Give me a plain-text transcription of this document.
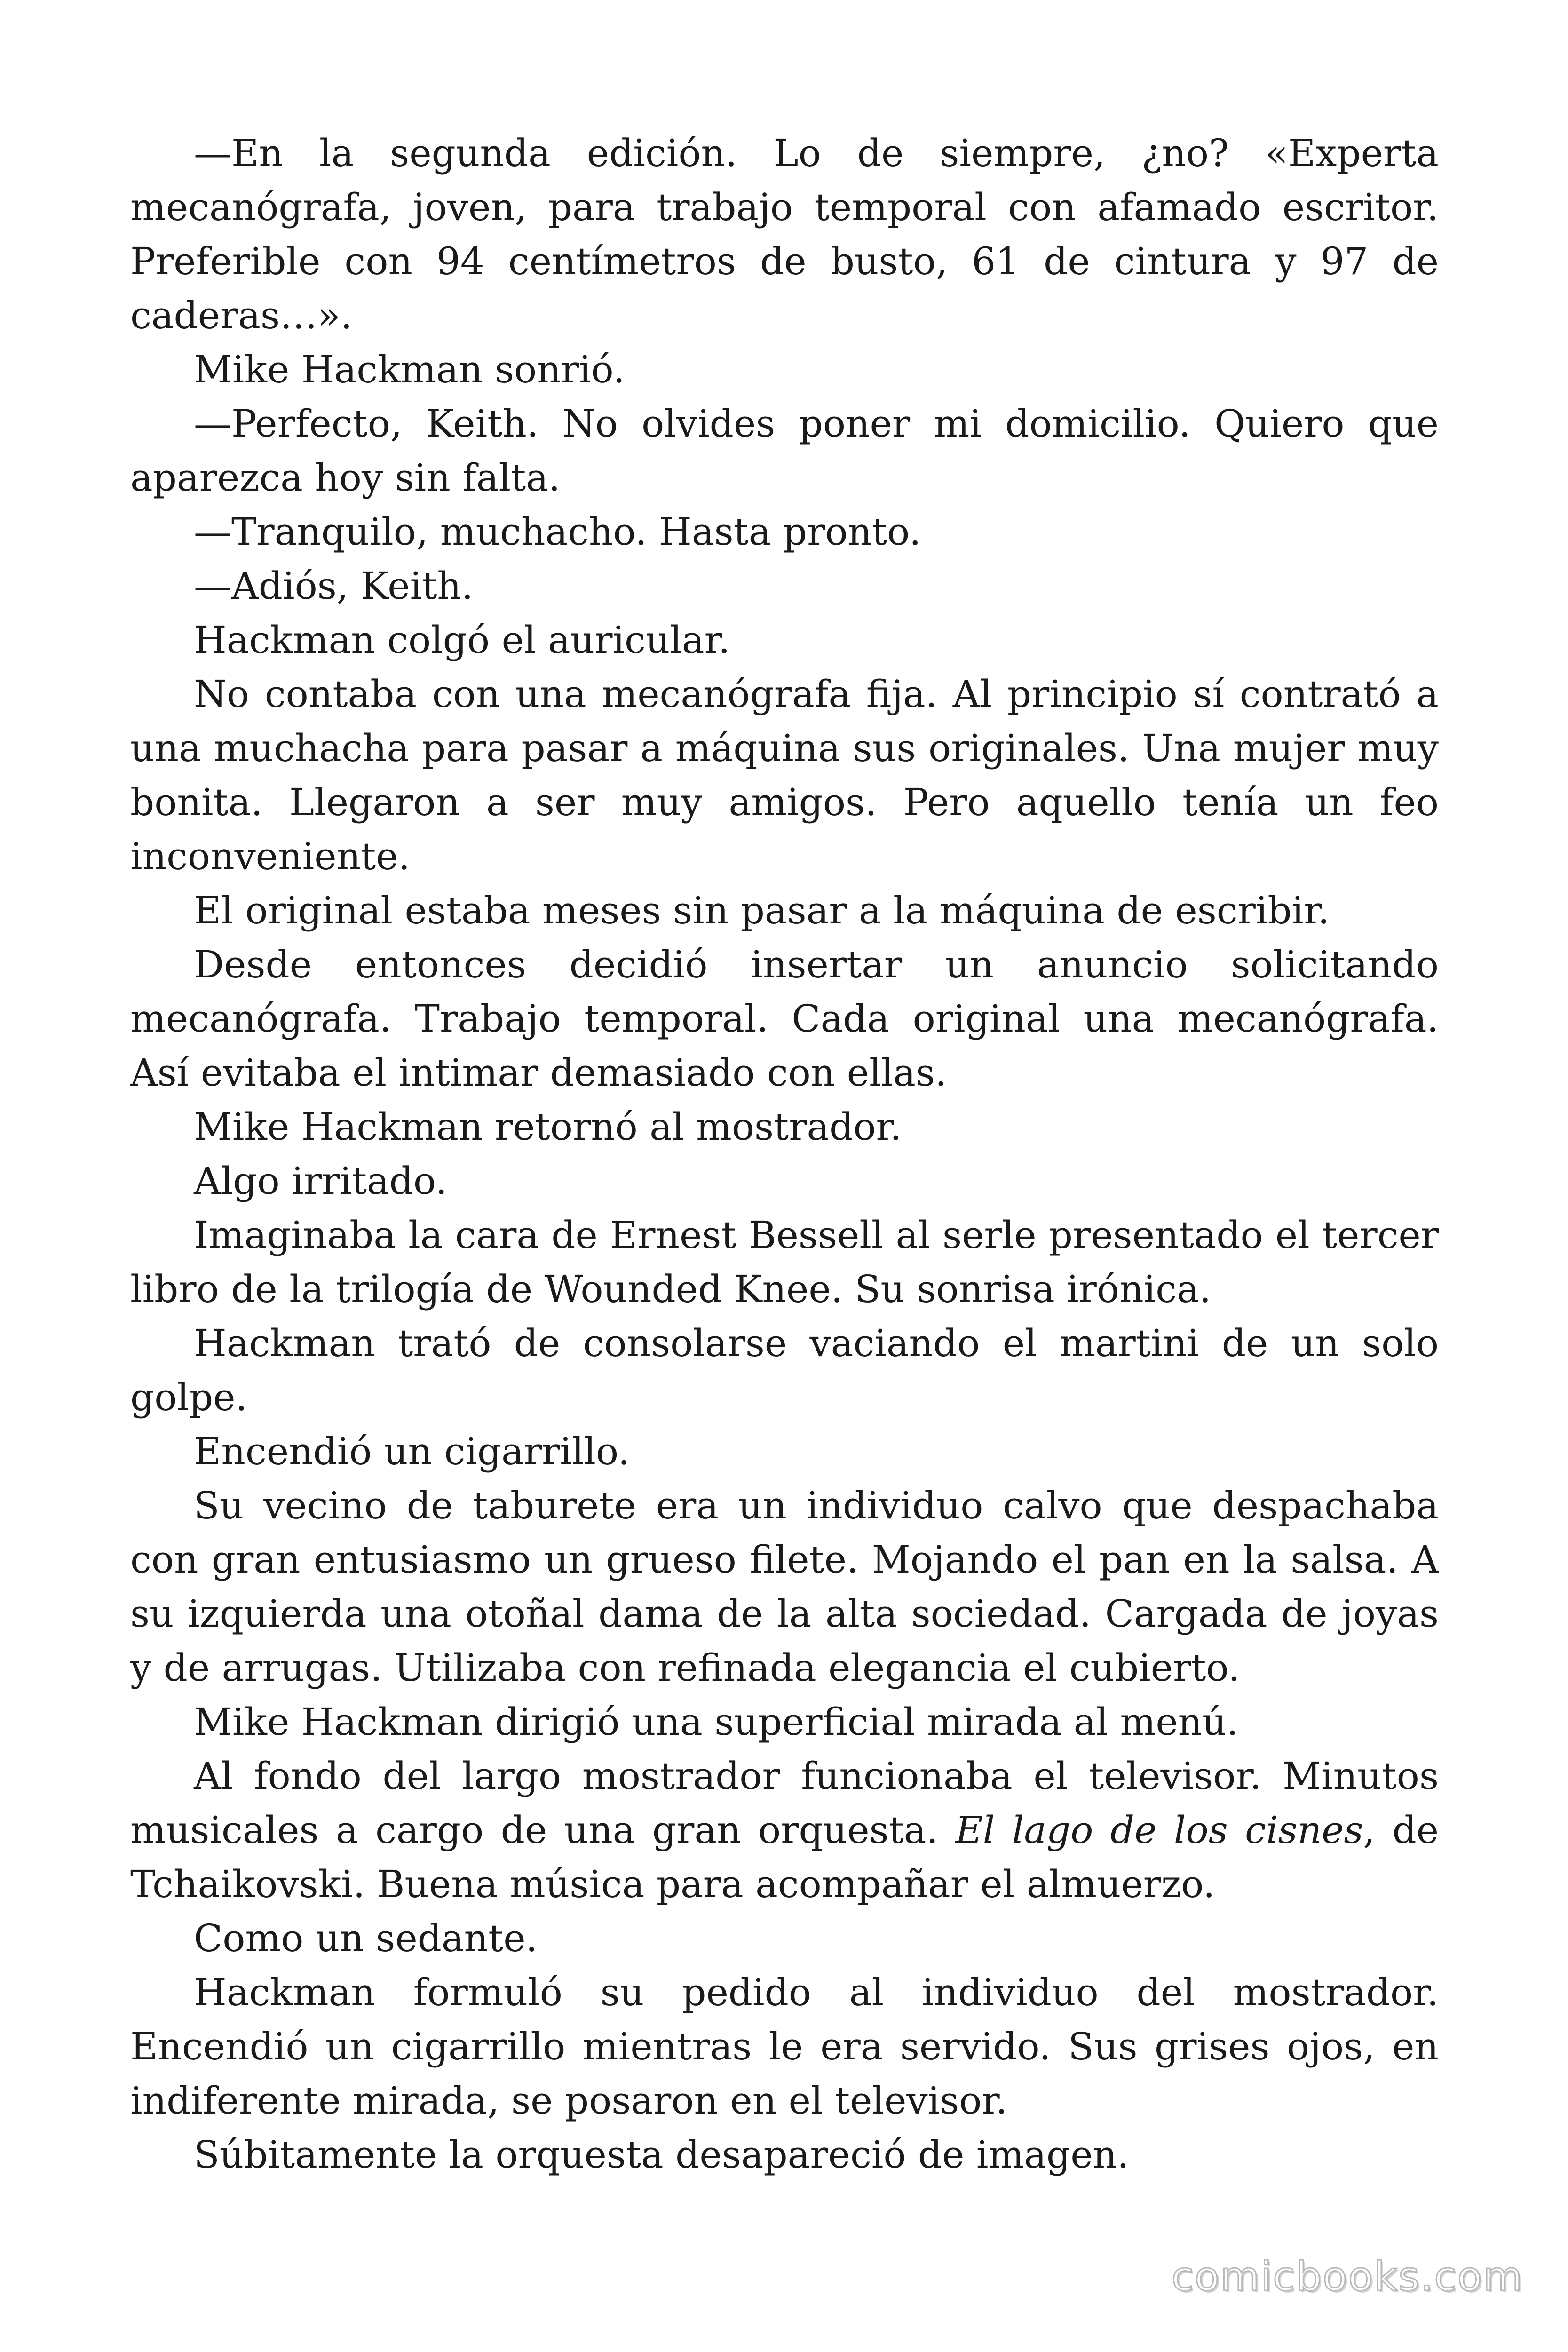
—En la segunda edición. Lo de siempre, ¿no? «Experta mecanógrafa, joven, para trabajo temporal con afamado escritor. Preferible con 94 centímetros de busto, 61 de cintura y 97 de caderas…».

Mike Hackman sonrió.

—Perfecto, Keith. No olvides poner mi domicilio. Quiero que aparezca hoy sin falta.

—Tranquilo, muchacho. Hasta pronto.

—Adiós, Keith.

Hackman colgó el auricular.

No contaba con una mecanógrafa fija. Al principio sí contrató a una muchacha para pasar a máquina sus originales. Una mujer muy bonita. Llegaron a ser muy amigos. Pero aquello tenía un feo inconveniente.

El original estaba meses sin pasar a la máquina de escribir.

Desde entonces decidió insertar un anuncio solicitando mecanógrafa. Trabajo temporal. Cada original una mecanógrafa. Así evitaba el intimar demasiado con ellas.

Mike Hackman retornó al mostrador.

Algo irritado.

Imaginaba la cara de Ernest Bessell al serle presentado el tercer libro de la trilogía de Wounded Knee. Su sonrisa irónica.

Hackman trató de consolarse vaciando el martini de un solo golpe.

Encendió un cigarrillo.

Su vecino de taburete era un individuo calvo que despachaba con gran entusiasmo un grueso filete. Mojando el pan en la salsa. A su izquierda una otoñal dama de la alta sociedad. Cargada de joyas y de arrugas. Utilizaba con refinada elegancia el cubierto.

Mike Hackman dirigió una superficial mirada al menú.

Al fondo del largo mostrador funcionaba el televisor. Minutos musicales a cargo de una gran orquesta. El lago de los cisnes, de Tchaikovski. Buena música para acompañar el almuerzo.

Como un sedante.

Hackman formuló su pedido al individuo del mostrador. Encendió un cigarrillo mientras le era servido. Sus grises ojos, en indiferente mirada, se posaron en el televisor.

Súbitamente la orquesta desapareció de imagen.

comicbooks.com
